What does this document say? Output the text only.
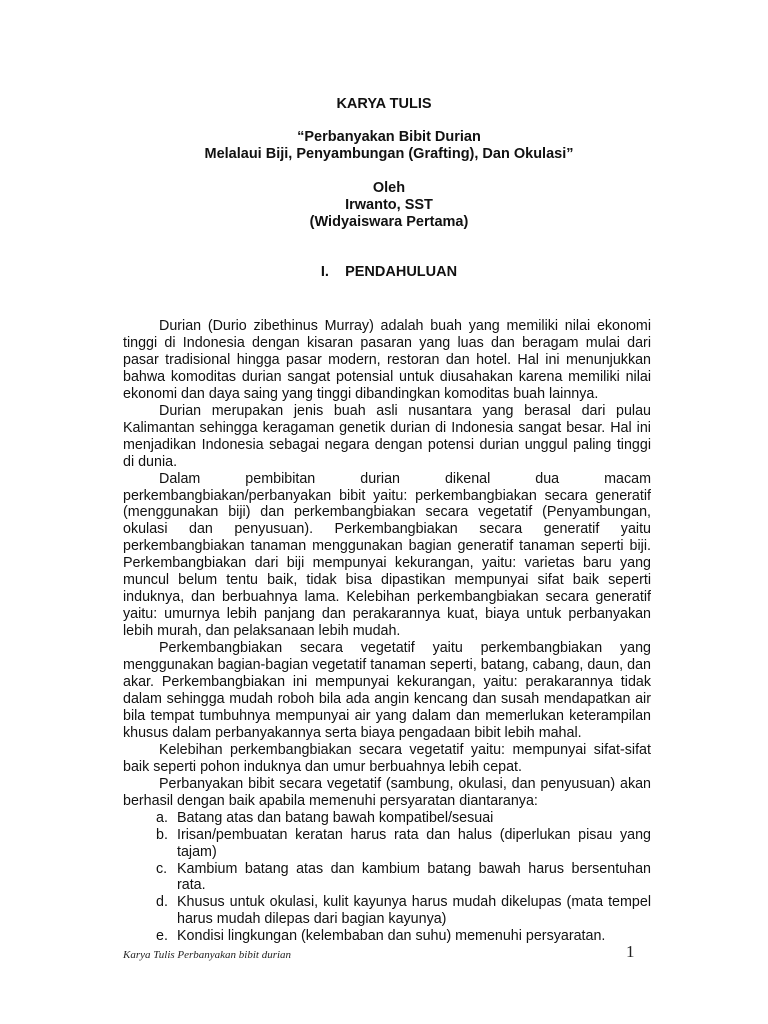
KARYA TULIS
“Perbanyakan Bibit Durian
Melalaui Biji, Penyambungan (Grafting), Dan Okulasi”
Oleh
Irwanto, SST
(Widyaiswara Pertama)
I. PENDAHULUAN

Durian (Durio zibethinus Murray) adalah buah yang memiliki nilai ekonomi tinggi di Indonesia dengan kisaran pasaran yang luas dan beragam mulai dari pasar tradisional hingga pasar modern, restoran dan hotel. Hal ini menunjukkan bahwa komoditas durian sangat potensial untuk diusahakan karena memiliki nilai ekonomi dan daya saing yang tinggi dibandingkan komoditas buah lainnya.

Durian merupakan jenis buah asli nusantara yang berasal dari pulau Kalimantan sehingga keragaman genetik durian di Indonesia sangat besar. Hal ini menjadikan Indonesia sebagai negara dengan potensi durian unggul paling tinggi di dunia.

Dalam pembibitan durian dikenal dua macam perkembangbiakan/perbanyakan bibit yaitu: perkembangbiakan secara generatif (menggunakan biji) dan perkembangbiakan secara vegetatif (Penyambungan, okulasi dan penyusuan). Perkembangbiakan secara generatif yaitu perkembangbiakan tanaman menggunakan bagian generatif tanaman seperti biji. Perkembangbiakan dari biji mempunyai kekurangan, yaitu: varietas baru yang muncul belum tentu baik, tidak bisa dipastikan mempunyai sifat baik seperti induknya, dan berbuahnya lama. Kelebihan perkembangbiakan secara generatif yaitu: umurnya lebih panjang dan perakarannya kuat, biaya untuk perbanyakan lebih murah, dan pelaksanaan lebih mudah.

Perkembangbiakan secara vegetatif yaitu perkembangbiakan yang menggunakan bagian-bagian vegetatif tanaman seperti, batang, cabang, daun, dan akar. Perkembangbiakan ini mempunyai kekurangan, yaitu: perakarannya tidak dalam sehingga mudah roboh bila ada angin kencang dan susah mendapatkan air bila tempat tumbuhnya mempunyai air yang dalam dan memerlukan keterampilan khusus dalam perbanyakannya serta biaya pengadaan bibit lebih mahal.

Kelebihan perkembangbiakan secara vegetatif yaitu: mempunyai sifat-sifat baik seperti pohon induknya dan umur berbuahnya lebih cepat.

Perbanyakan bibit secara vegetatif (sambung, okulasi, dan penyusuan) akan berhasil dengan baik apabila memenuhi persyaratan diantaranya:

a. Batang atas dan batang bawah kompatibel/sesuai
b. Irisan/pembuatan keratan harus rata dan halus (diperlukan pisau yang tajam)
c. Kambium batang atas dan kambium batang bawah harus bersentuhan rata.
d. Khusus untuk okulasi, kulit kayunya harus mudah dikelupas (mata tempel harus mudah dilepas dari bagian kayunya)
e. Kondisi lingkungan (kelembaban dan suhu) memenuhi persyaratan.
Karya Tulis Perbanyakan bibit durian	1
